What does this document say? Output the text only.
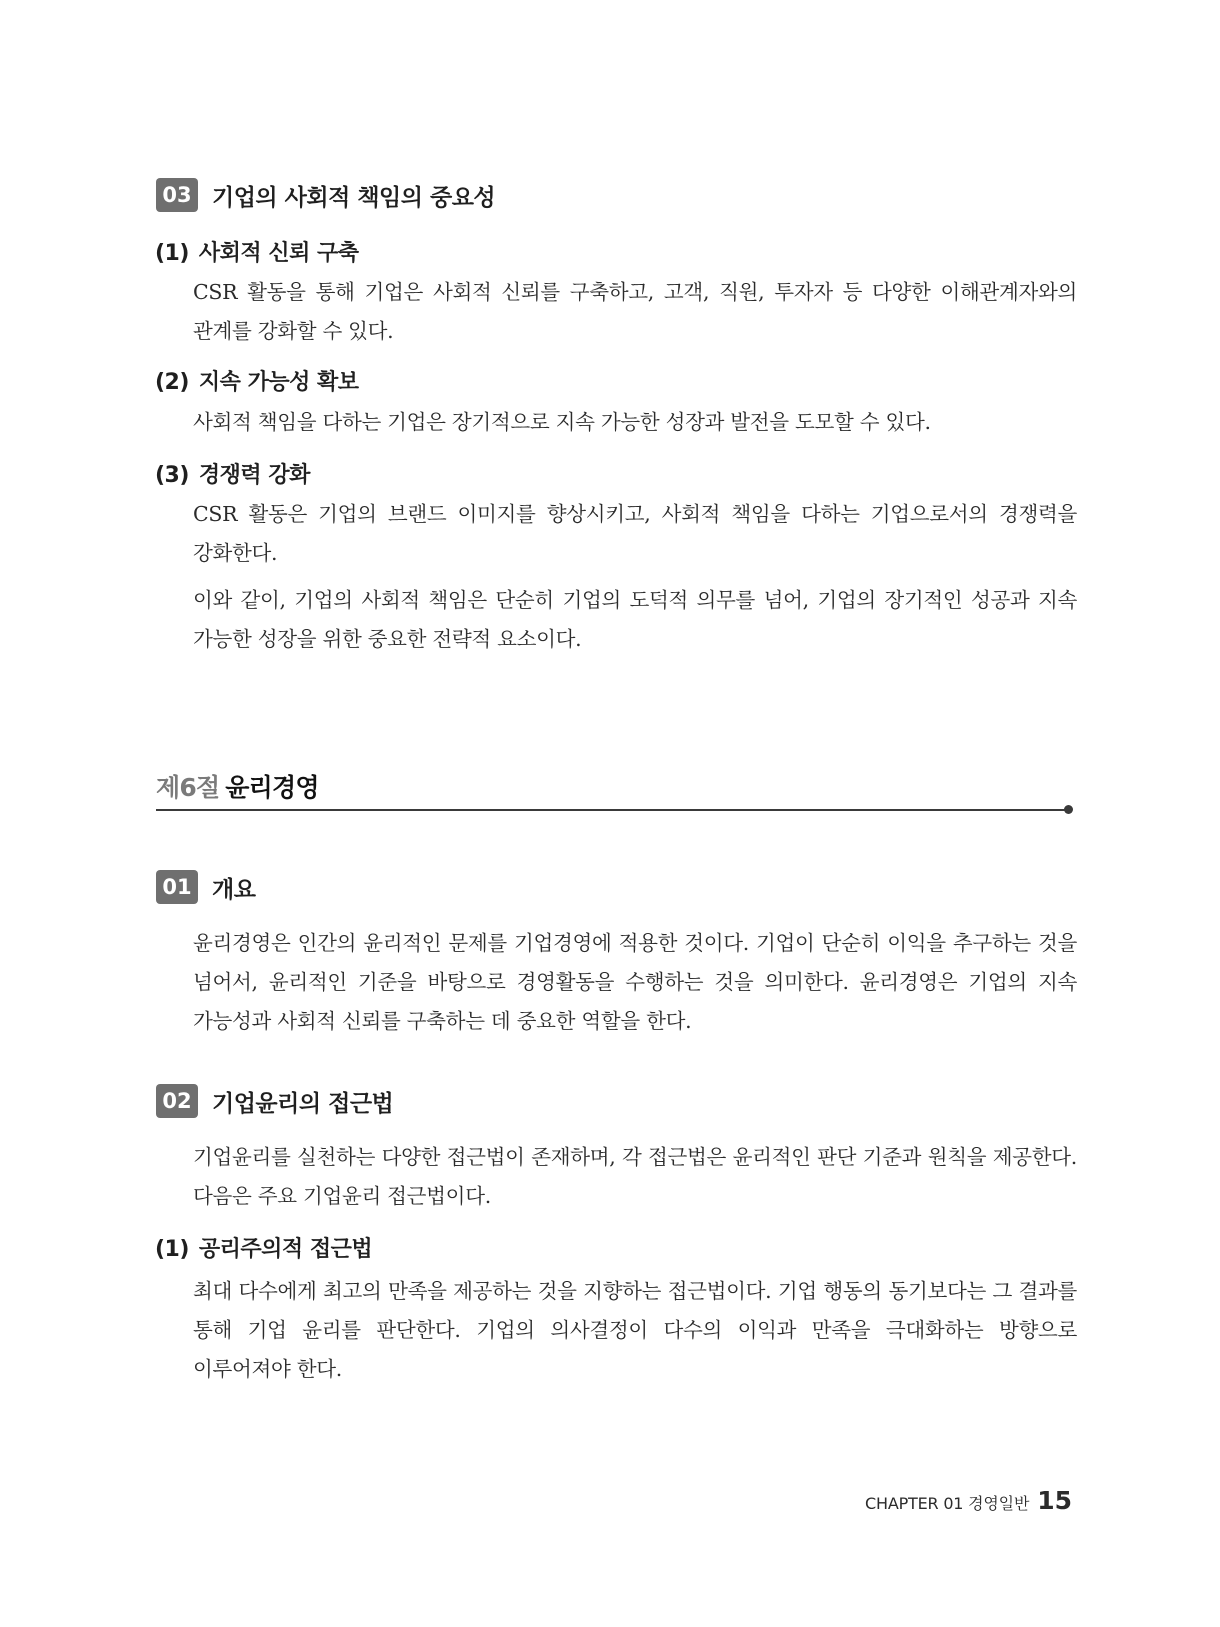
03 기업의 사회적 책임의 중요성
(1) 사회적 신뢰 구축
CSR 활동을 통해 기업은 사회적 신뢰를 구축하고, 고객, 직원, 투자자 등 다양한 이해관계자와의 관계를 강화할 수 있다.
(2) 지속 가능성 확보
사회적 책임을 다하는 기업은 장기적으로 지속 가능한 성장과 발전을 도모할 수 있다.
(3) 경쟁력 강화
CSR 활동은 기업의 브랜드 이미지를 향상시키고, 사회적 책임을 다하는 기업으로서의 경쟁력을 강화한다.
이와 같이, 기업의 사회적 책임은 단순히 기업의 도덕적 의무를 넘어, 기업의 장기적인 성공과 지속 가능한 성장을 위한 중요한 전략적 요소이다.
제6절 윤리경영
01 개요
윤리경영은 인간의 윤리적인 문제를 기업경영에 적용한 것이다. 기업이 단순히 이익을 추구하는 것을 넘어서, 윤리적인 기준을 바탕으로 경영활동을 수행하는 것을 의미한다. 윤리경영은 기업의 지속 가능성과 사회적 신뢰를 구축하는 데 중요한 역할을 한다.
02 기업윤리의 접근법
기업윤리를 실천하는 다양한 접근법이 존재하며, 각 접근법은 윤리적인 판단 기준과 원칙을 제공한다. 다음은 주요 기업윤리 접근법이다.
(1) 공리주의적 접근법
최대 다수에게 최고의 만족을 제공하는 것을 지향하는 접근법이다. 기업 행동의 동기보다는 그 결과를 통해 기업 윤리를 판단한다. 기업의 의사결정이 다수의 이익과 만족을 극대화하는 방향으로 이루어져야 한다.
CHAPTER 01 경영일반 15
